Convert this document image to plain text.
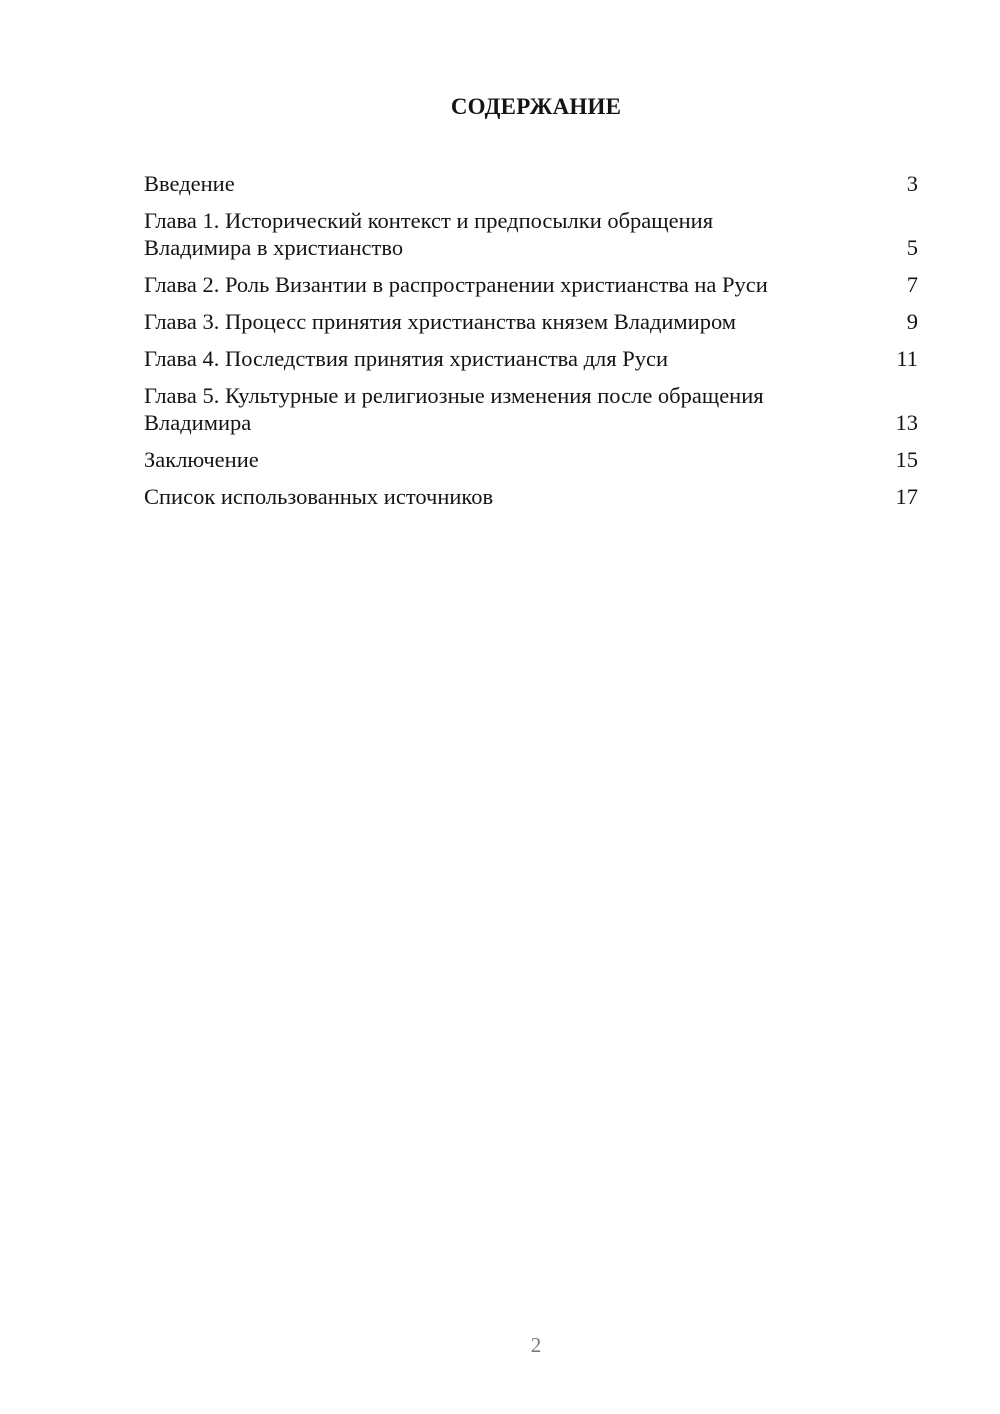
СОДЕРЖАНИЕ
Введение	3
Глава 1. Исторический контекст и предпосылки обращения Владимира в христианство	5
Глава 2. Роль Византии в распространении христианства на Руси	7
Глава 3. Процесс принятия христианства князем Владимиром	9
Глава 4. Последствия принятия христианства для Руси	11
Глава 5. Культурные и религиозные изменения после обращения Владимира	13
Заключение	15
Список использованных источников	17
2
